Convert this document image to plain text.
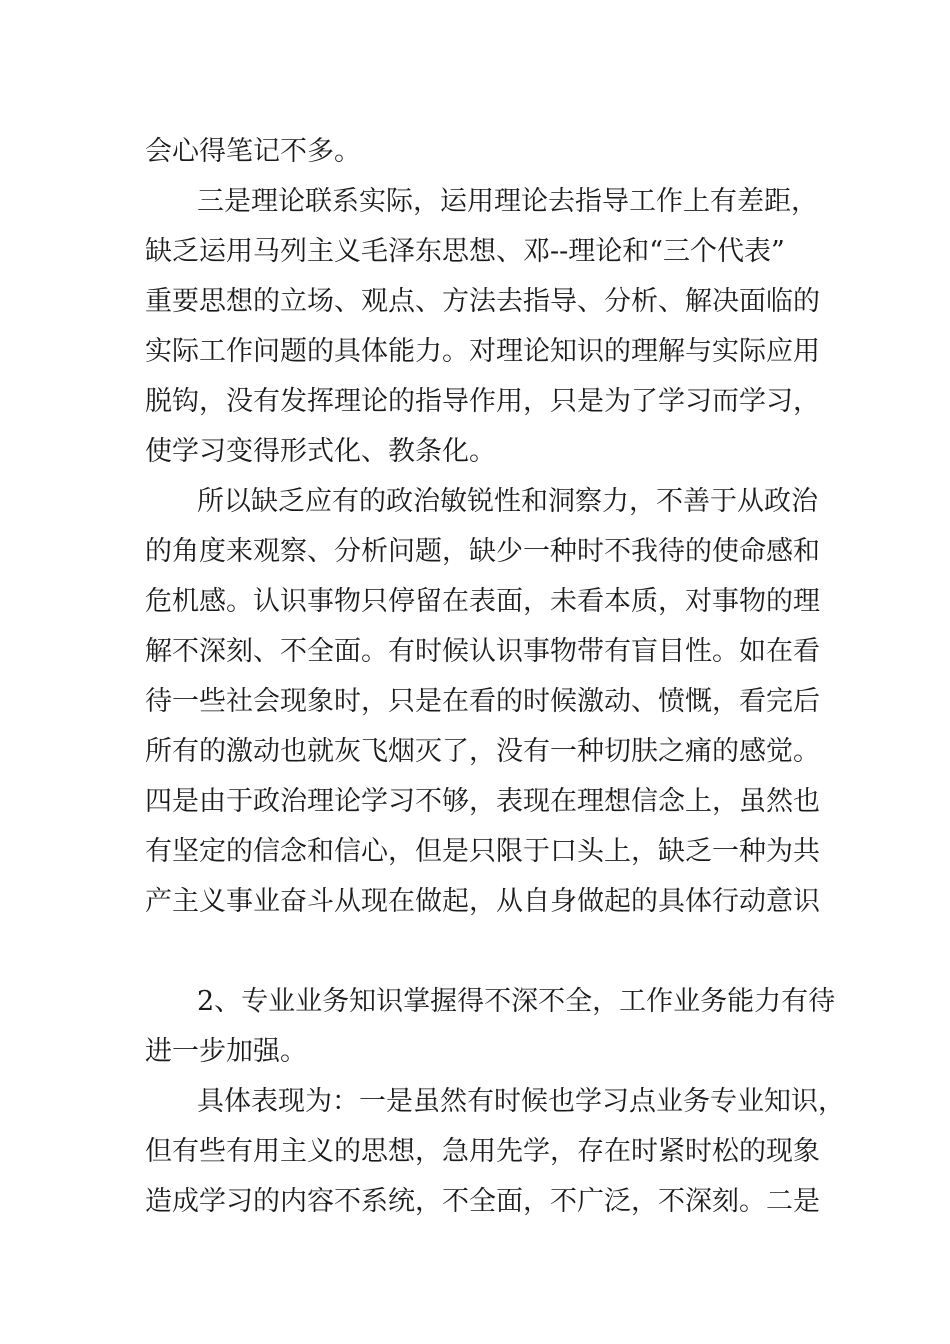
会心得笔记不多。
三是理论联系实际，运用理论去指导工作上有差距，
缺乏运用马列主义毛泽东思想、邓--理论和“三个代表”
重要思想的立场、观点、方法去指导、分析、解决面临的
实际工作问题的具体能力。对理论知识的理解与实际应用
脱钩，没有发挥理论的指导作用，只是为了学习而学习，
使学习变得形式化、教条化。
所以缺乏应有的政治敏锐性和洞察力，不善于从政治
的角度来观察、分析问题，缺少一种时不我待的使命感和
危机感。认识事物只停留在表面，未看本质，对事物的理
解不深刻、不全面。有时候认识事物带有盲目性。如在看
待一些社会现象时，只是在看的时候激动、愤慨，看完后
所有的激动也就灰飞烟灭了，没有一种切肤之痛的感觉。
四是由于政治理论学习不够，表现在理想信念上，虽然也
有坚定的信念和信心，但是只限于口头上，缺乏一种为共
产主义事业奋斗从现在做起，从自身做起的具体行动意识
2、专业业务知识掌握得不深不全，工作业务能力有待
进一步加强。
具体表现为：一是虽然有时候也学习点业务专业知识，
但有些有用主义的思想，急用先学，存在时紧时松的现象
造成学习的内容不系统，不全面，不广泛，不深刻。二是
